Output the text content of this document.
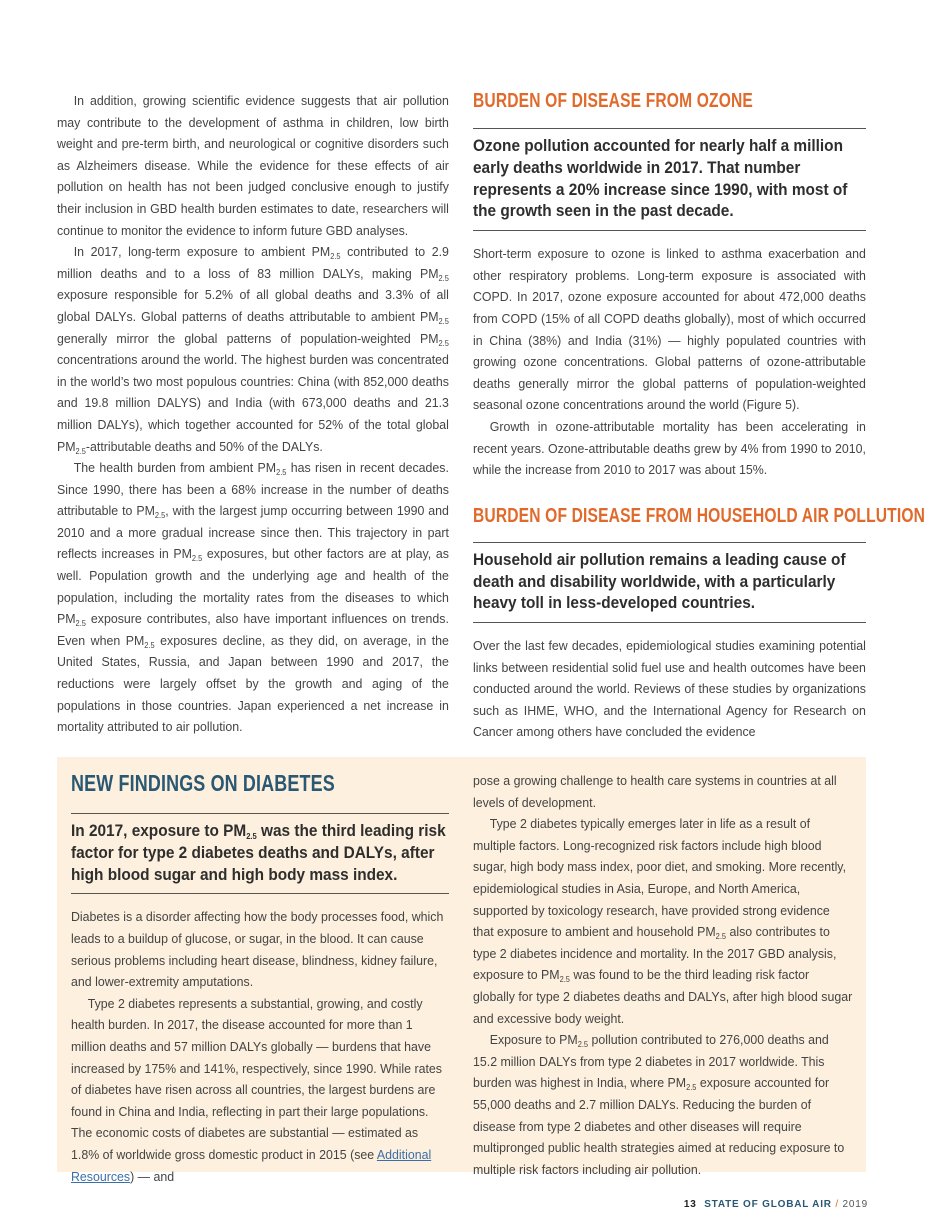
In addition, growing scientific evidence suggests that air pollution may contribute to the development of asthma in children, low birth weight and pre-term birth, and neurological or cognitive disorders such as Alzheimers disease. While the evidence for these effects of air pollution on health has not been judged conclusive enough to justify their inclusion in GBD health burden estimates to date, researchers will continue to monitor the evidence to inform future GBD analyses.

In 2017, long-term exposure to ambient $PM_{2.5}$ contributed to 2.9 million deaths and to a loss of 83 million DALYs, making $PM_{2.5}$ exposure responsible for 5.2% of all global deaths and 3.3% of all global DALYs. Global patterns of deaths attributable to ambient $PM_{2.5}$ generally mirror the global patterns of population-weighted $PM_{2.5}$ concentrations around the world. The highest burden was concentrated in the world’s two most populous countries: China (with 852,000 deaths and 19.8 million DALYS) and India (with 673,000 deaths and 21.3 million DALYs), which together accounted for 52% of the total global $PM_{2.5}$-attributable deaths and 50% of the DALYs.

The health burden from ambient $PM_{2.5}$ has risen in recent decades. Since 1990, there has been a 68% increase in the number of deaths attributable to $PM_{2.5}$, with the largest jump occurring between 1990 and 2010 and a more gradual increase since then. This trajectory in part reflects increases in $PM_{2.5}$ exposures, but other factors are at play, as well. Population growth and the underlying age and health of the population, including the mortality rates from the diseases to which $PM_{2.5}$ exposure contributes, also have important influences on trends. Even when $PM_{2.5}$ exposures decline, as they did, on average, in the United States, Russia, and Japan between 1990 and 2017, the reductions were largely offset by the growth and aging of the populations in those countries. Japan experienced a net increase in mortality attributed to air pollution.

BURDEN OF DISEASE FROM OZONE
Ozone pollution accounted for nearly half a million early deaths worldwide in 2017. That number represents a 20% increase since 1990, with most of the growth seen in the past decade.

Short-term exposure to ozone is linked to asthma exacerbation and other respiratory problems. Long-term exposure is associated with COPD. In 2017, ozone exposure accounted for about 472,000 deaths from COPD (15% of all COPD deaths globally), most of which occurred in China (38%) and India (31%) — highly populated countries with growing ozone concentrations. Global patterns of ozone-attributable deaths generally mirror the global patterns of population-weighted seasonal ozone concentrations around the world (Figure 5).

Growth in ozone-attributable mortality has been accelerating in recent years. Ozone-attributable deaths grew by 4% from 1990 to 2010, while the increase from 2010 to 2017 was about 15%.

BURDEN OF DISEASE FROM HOUSEHOLD AIR POLLUTION
Household air pollution remains a leading cause of death and disability worldwide, with a particularly heavy toll in less-developed countries.

Over the last few decades, epidemiological studies examining potential links between residential solid fuel use and health outcomes have been conducted around the world. Reviews of these studies by organizations such as IHME, WHO, and the International Agency for Research on Cancer among others have concluded the evidence

NEW FINDINGS ON DIABETES
In 2017, exposure to $PM_{2.5}$ was the third leading risk factor for type 2 diabetes deaths and DALYs, after high blood sugar and high body mass index.

Diabetes is a disorder affecting how the body processes food, which leads to a buildup of glucose, or sugar, in the blood. It can cause serious problems including heart disease, blindness, kidney failure, and lower-extremity amputations.

Type 2 diabetes represents a substantial, growing, and costly health burden. In 2017, the disease accounted for more than 1 million deaths and 57 million DALYs globally — burdens that have increased by 175% and 141%, respectively, since 1990. While rates of diabetes have risen across all countries, the largest burdens are found in China and India, reflecting in part their large populations. The economic costs of diabetes are substantial — estimated as 1.8% of worldwide gross domestic product in 2015 (see Additional Resources) — and

pose a growing challenge to health care systems in countries at all levels of development.

Type 2 diabetes typically emerges later in life as a result of multiple factors. Long-recognized risk factors include high blood sugar, high body mass index, poor diet, and smoking. More recently, epidemiological studies in Asia, Europe, and North America, supported by toxicology research, have provided strong evidence that exposure to ambient and household $PM_{2.5}$ also contributes to type 2 diabetes incidence and mortality. In the 2017 GBD analysis, exposure to $PM_{2.5}$ was found to be the third leading risk factor globally for type 2 diabetes deaths and DALYs, after high blood sugar and excessive body weight.

Exposure to $PM_{2.5}$ pollution contributed to 276,000 deaths and 15.2 million DALYs from type 2 diabetes in 2017 worldwide. This burden was highest in India, where $PM_{2.5}$ exposure accounted for 55,000 deaths and 2.7 million DALYs. Reducing the burden of disease from type 2 diabetes and other diseases will require multipronged public health strategies aimed at reducing exposure to multiple risk factors including air pollution.

13 STATE OF GLOBAL AIR / 2019
